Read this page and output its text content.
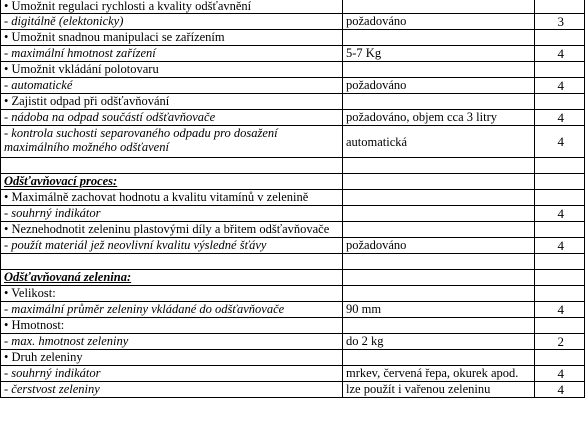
• Umožnit regulaci rychlosti a kvality odšťavnění		
- digitálně (elektonicky)	požadováno	3
• Umožnit snadnou manipulaci se zařízením		
- maximální hmotnost zařízení	5-7 Kg	4
• Umožnit vkládání polotovaru		
- automatické	požadováno	4
• Zajistit odpad při odšťavňování		
- nádoba na odpad součástí odšťavňovače	požadováno, objem cca 3 litry	4
- kontrola suchosti separovaného odpadu pro dosažení maximálního možného odšťavení	automatická	4

Odšťavňovací proces:		
• Maximálně zachovat hodnotu a kvalitu vitamínů v zelenině		
- souhrný indikátor		4
• Neznehodnotit zeleninu plastovými díly a břitem odšťavňovače		
- použít materiál jež neovlivní kvalitu výsledné šťávy	požadováno	4

Odšťavňovaná zelenina:		
• Velikost:		
- maximální průměr zeleniny vkládané do odšťavňovače	90 mm	4
• Hmotnost:		
- max. hmotnost zeleniny	do 2 kg	2
• Druh zeleniny		
- souhrný indikátor	mrkev, červená řepa, okurek apod.	4
- čerstvost zeleniny	lze použít i vařenou zeleninu	4
